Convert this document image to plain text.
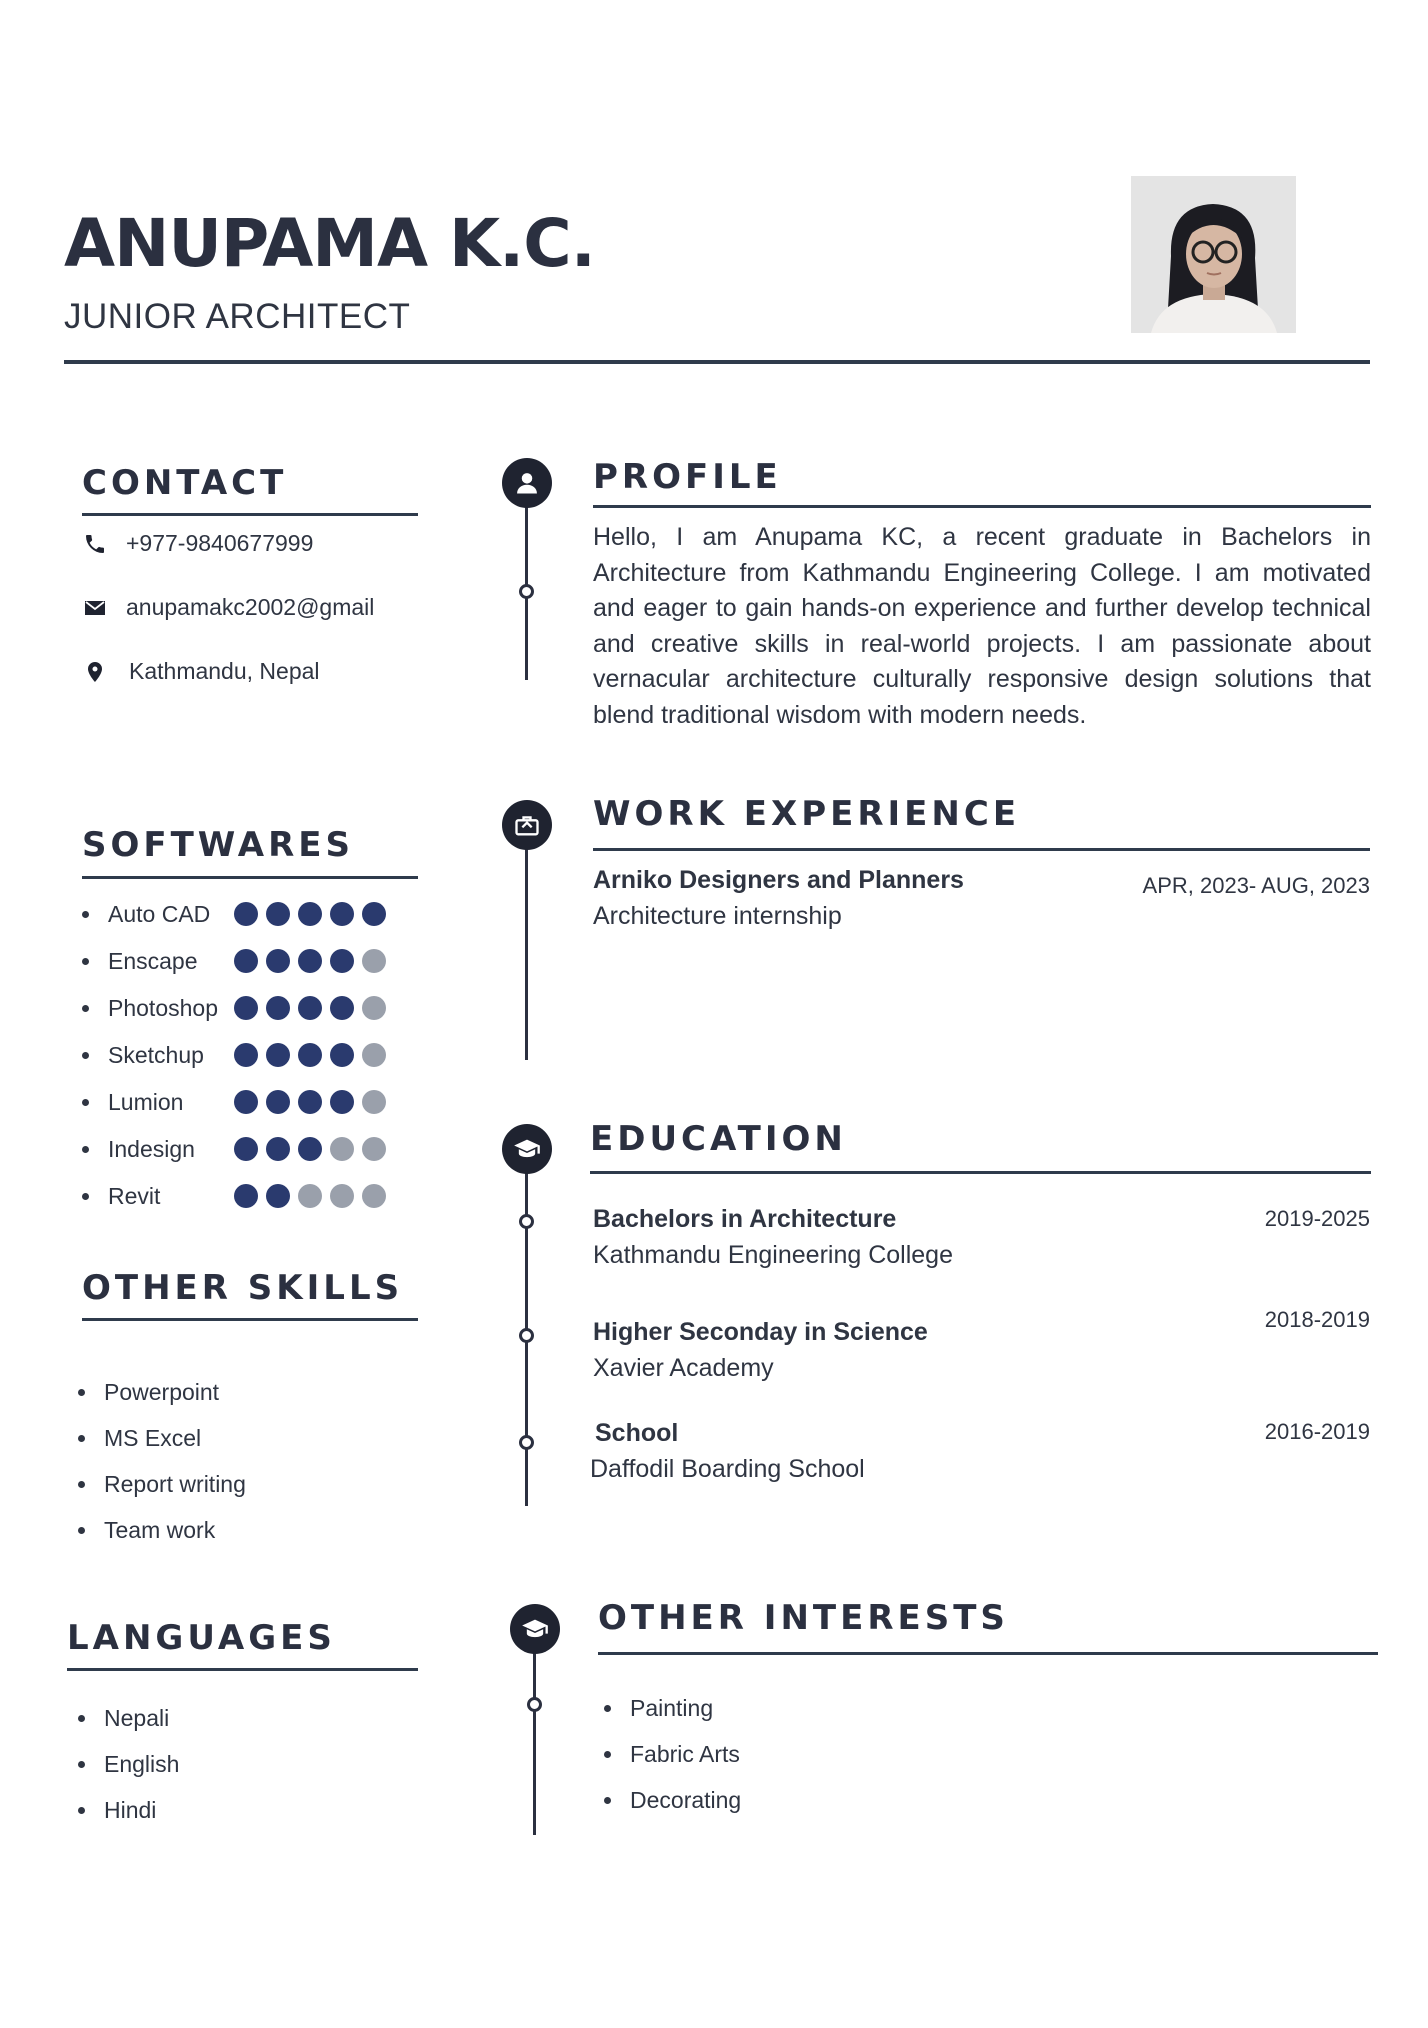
ANUPAMA K.C.
JUNIOR ARCHITECT
CONTACT
+977-9840677999
anupamakc2002@gmail
Kathmandu, Nepal
SOFTWARES
Auto CAD
Enscape
Photoshop
Sketchup
Lumion
Indesign
Revit
OTHER SKILLS
Powerpoint
MS Excel
Report writing
Team work
LANGUAGES
Nepali
English
Hindi
PROFILE
Hello, I am Anupama KC, a recent graduate in Bachelors in Architecture from Kathmandu Engineering College. I am motivated and eager to gain hands-on experience and further develop technical and creative skills in real-world projects. I am passionate about vernacular architecture culturally responsive design solutions that blend traditional wisdom with modern needs.
WORK EXPERIENCE
Arniko Designers and Planners
Architecture internship
APR, 2023- AUG, 2023
EDUCATION
Bachelors in Architecture
Kathmandu Engineering College
2019-2025
Higher Seconday in Science
Xavier Academy
2018-2019
School
Daffodil Boarding School
2016-2019
OTHER INTERESTS
Painting
Fabric Arts
Decorating
